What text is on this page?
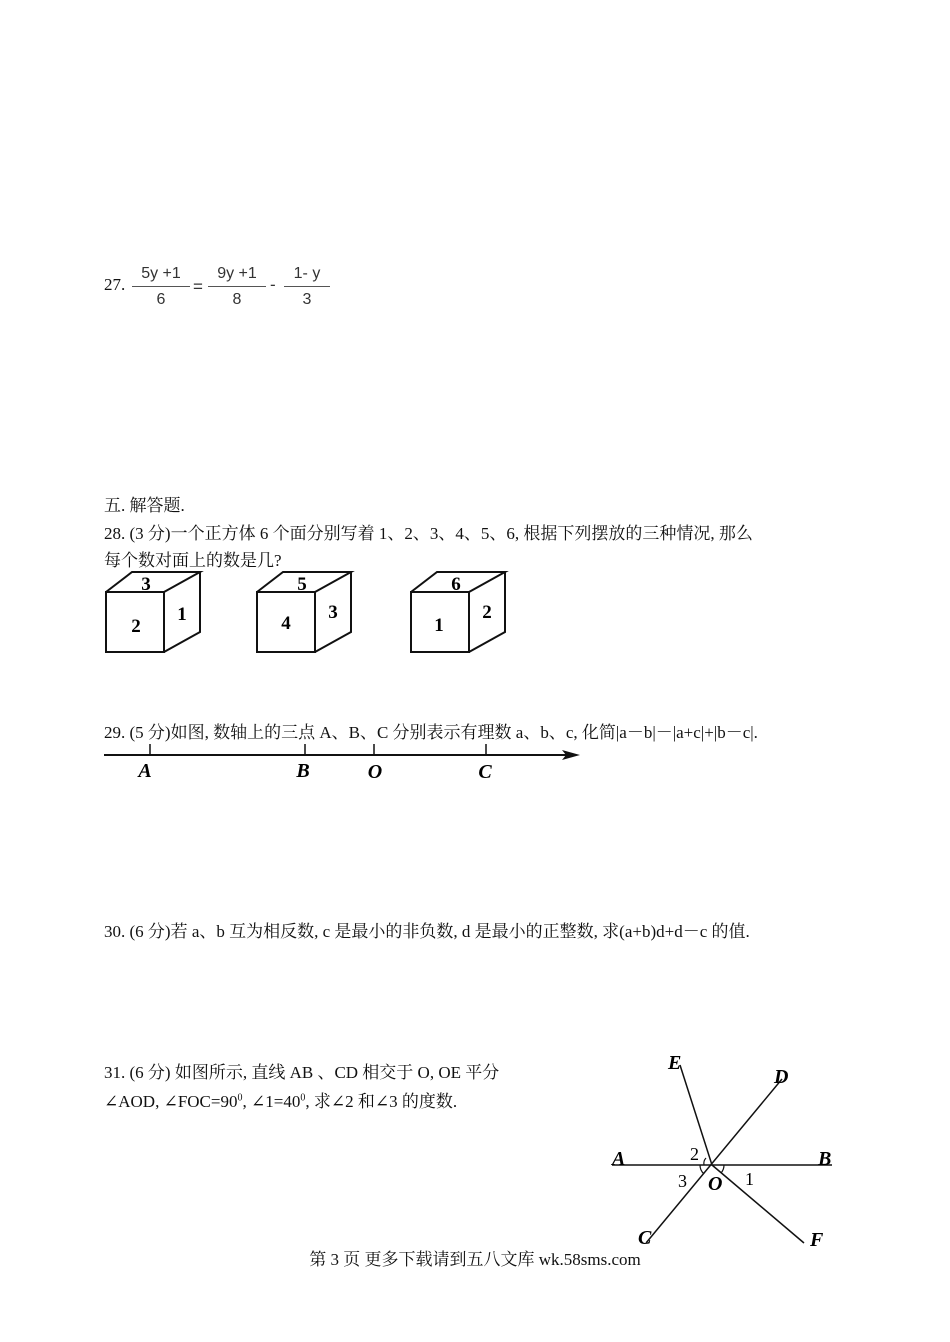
27. $\frac{5y +1}{6} = \frac{9y +1}{8} - \frac{1- y}{3}$
五. 解答题.
28. (3 分)一个正方体 6 个面分别写着 1、2、3、4、5、6, 根据下列摆放的三种情况, 那么
每个数对面上的数是几?
3
2
1
5
4
3
6
1
2
29. (5 分)如图, 数轴上的三点 A、B、C 分别表示有理数 a、b、c, 化简|a－b|－|a+c|+|b－c|.
A	B	O	C
30. (6 分)若 a、b 互为相反数, c 是最小的非负数, d 是最小的正整数, 求(a+b)d+d－c 的值.
31. (6 分) 如图所示, 直线 AB 、CD 相交于 O, OE 平分
∠AOD, $\angle FOC=90^0$, $\angle 1=40^0$, 求∠2 和∠3 的度数.
E
D
A	B
O
C	F
1
2
3
第 3 页 更多下载请到五八文库 wk.58sms.com
